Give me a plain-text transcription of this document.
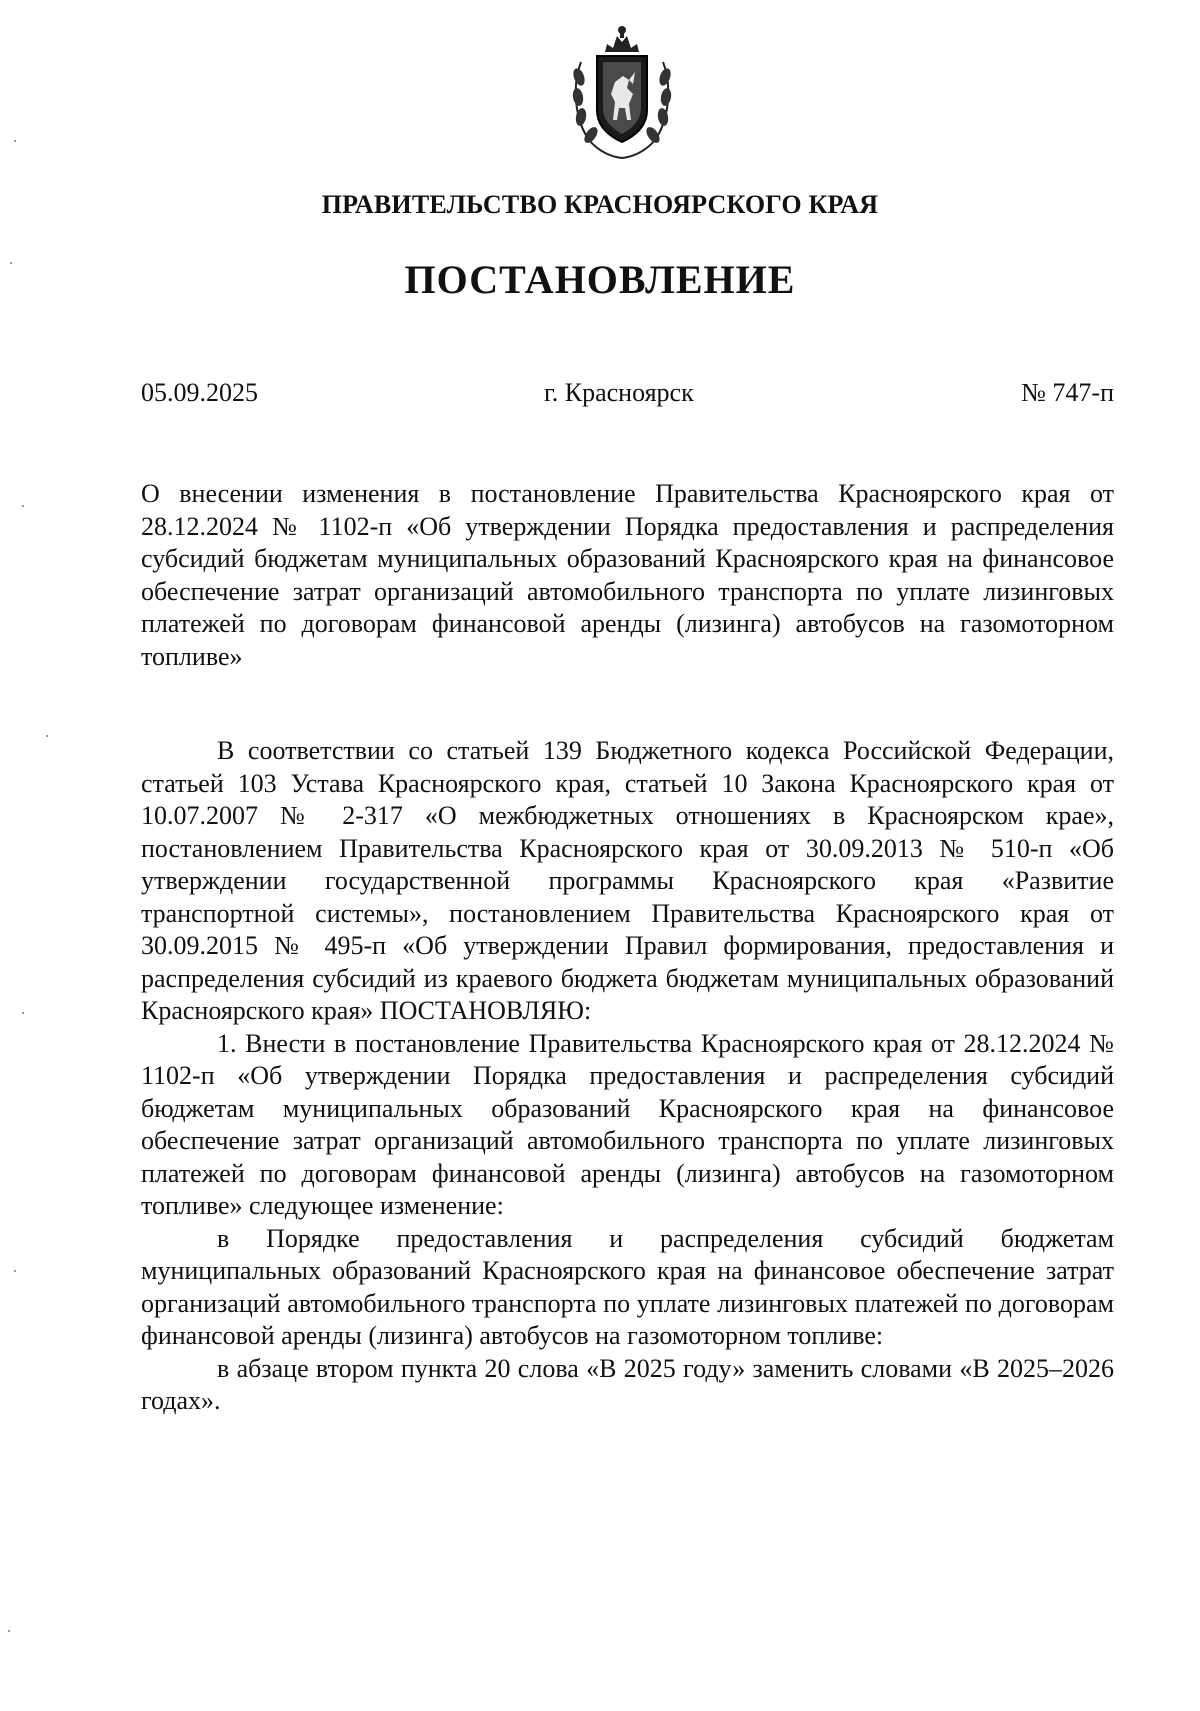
ПРАВИТЕЛЬСТВО КРАСНОЯРСКОГО КРАЯ
ПОСТАНОВЛЕНИЕ
05.09.2025	г. Красноярск	№ 747-п

О внесении изменения в постановление Правительства Красноярского края от 28.12.2024 № 1102-п «Об утверждении Порядка предоставления и распределения субсидий бюджетам муниципальных образований Красноярского края на финансовое обеспечение затрат организаций автомобильного транспорта по уплате лизинговых платежей по договорам финансовой аренды (лизинга) автобусов на газомоторном топливе»

В соответствии со статьей 139 Бюджетного кодекса Российской Федерации, статьей 103 Устава Красноярского края, статьей 10 Закона Красноярского края от 10.07.2007 № 2-317 «О межбюджетных отношениях в Красноярском крае», постановлением Правительства Красноярского края от 30.09.2013 № 510-п «Об утверждении государственной программы Красноярского края «Развитие транспортной системы», постановлением Правительства Красноярского края от 30.09.2015 № 495-п «Об утверждении Правил формирования, предоставления и распределения субсидий из краевого бюджета бюджетам муниципальных образований Красноярского края» ПОСТАНОВЛЯЮ:

1. Внести в постановление Правительства Красноярского края от 28.12.2024 № 1102-п «Об утверждении Порядка предоставления и распределения субсидий бюджетам муниципальных образований Красноярского края на финансовое обеспечение затрат организаций автомобильного транспорта по уплате лизинговых платежей по договорам финансовой аренды (лизинга) автобусов на газомоторном топливе» следующее изменение:

в Порядке предоставления и распределения субсидий бюджетам муниципальных образований Красноярского края на финансовое обеспечение затрат организаций автомобильного транспорта по уплате лизинговых платежей по договорам финансовой аренды (лизинга) автобусов на газомоторном топливе:

в абзаце втором пункта 20 слова «В 2025 году» заменить словами «В 2025–2026 годах».
